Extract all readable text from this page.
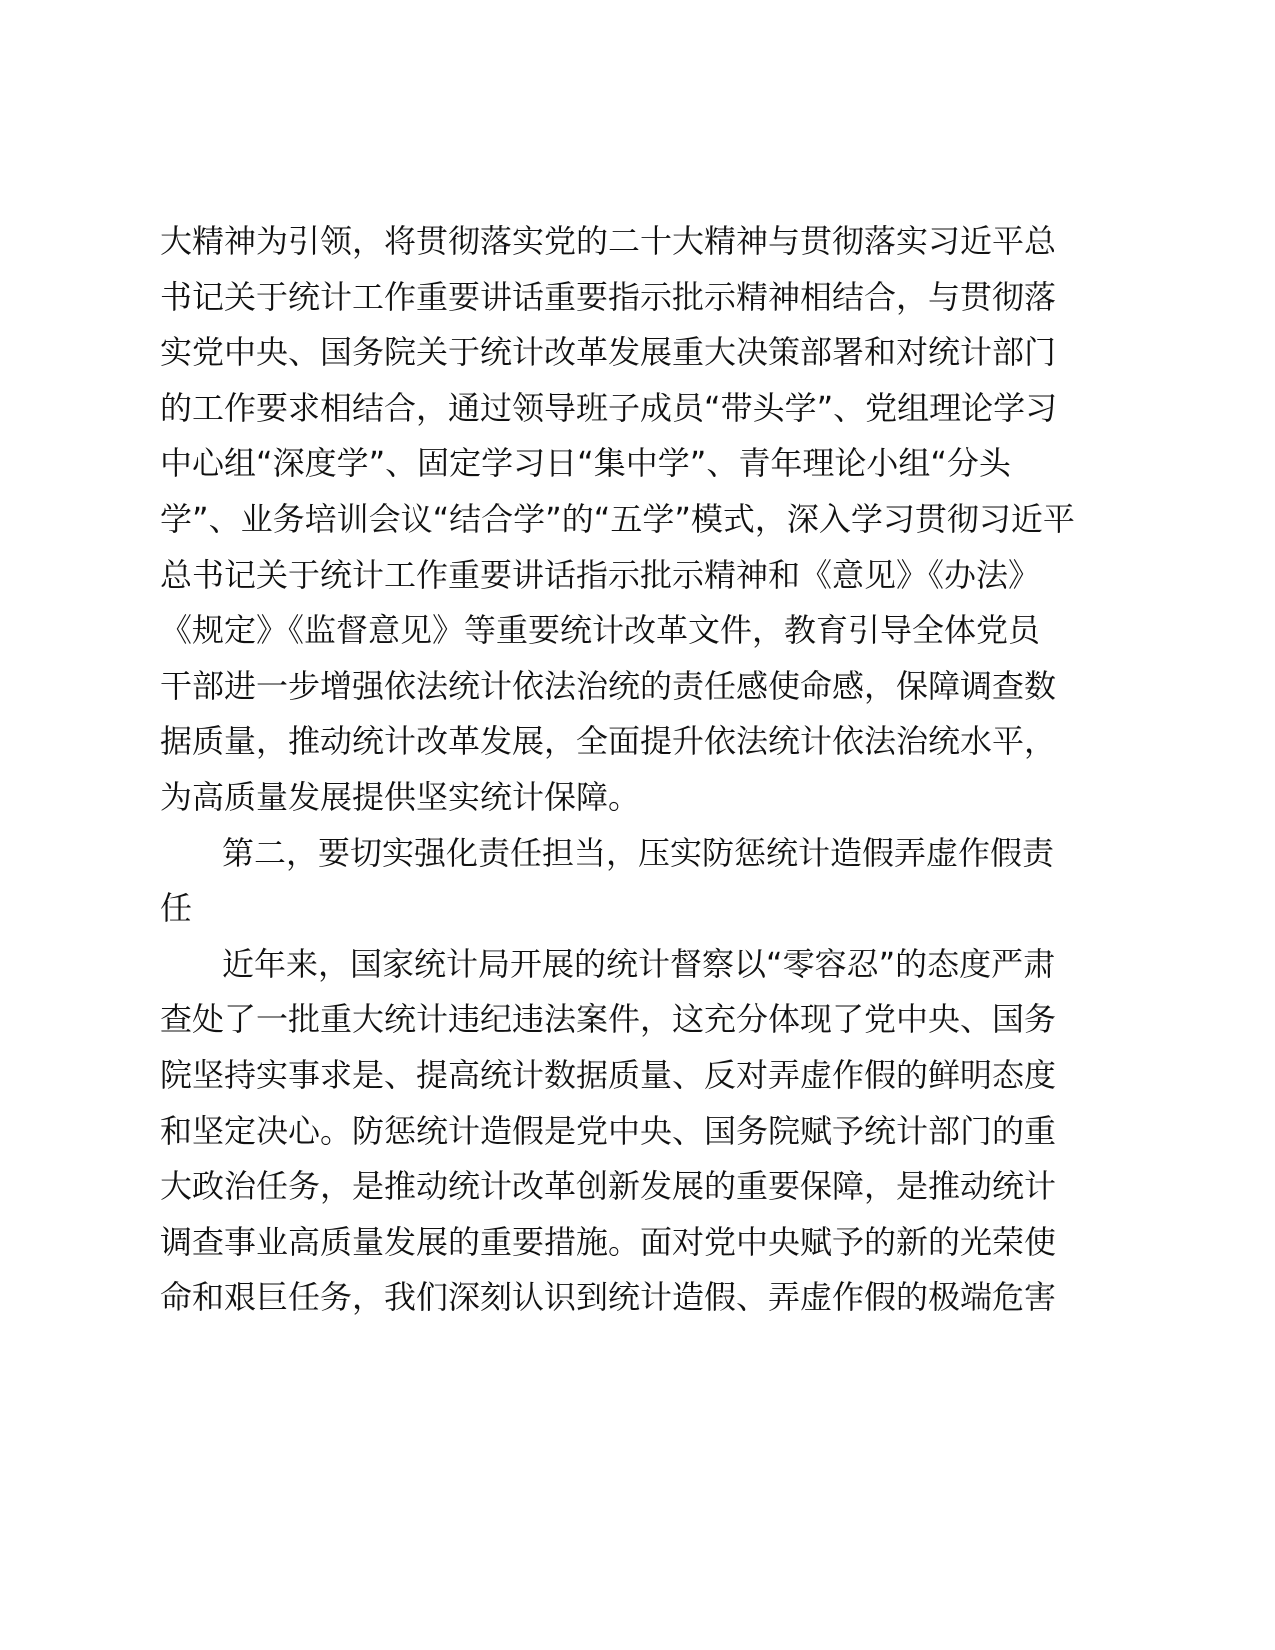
大精神为引领，将贯彻落实党的二十大精神与贯彻落实习近平总
书记关于统计工作重要讲话重要指示批示精神相结合，与贯彻落
实党中央、国务院关于统计改革发展重大决策部署和对统计部门
的工作要求相结合，通过领导班子成员“带头学”、党组理论学习
中心组“深度学”、固定学习日“集中学”、青年理论小组“分头
学”、业务培训会议“结合学”的“五学”模式，深入学习贯彻习近平
总书记关于统计工作重要讲话指示批示精神和《意见》《办法》
《规定》《监督意见》等重要统计改革文件，教育引导全体党员
干部进一步增强依法统计依法治统的责任感使命感，保障调查数
据质量，推动统计改革发展，全面提升依法统计依法治统水平，
为高质量发展提供坚实统计保障。
第二，要切实强化责任担当，压实防惩统计造假弄虚作假责
任
近年来，国家统计局开展的统计督察以“零容忍”的态度严肃
查处了一批重大统计违纪违法案件，这充分体现了党中央、国务
院坚持实事求是、提高统计数据质量、反对弄虚作假的鲜明态度
和坚定决心。防惩统计造假是党中央、国务院赋予统计部门的重
大政治任务，是推动统计改革创新发展的重要保障，是推动统计
调查事业高质量发展的重要措施。面对党中央赋予的新的光荣使
命和艰巨任务，我们深刻认识到统计造假、弄虚作假的极端危害
